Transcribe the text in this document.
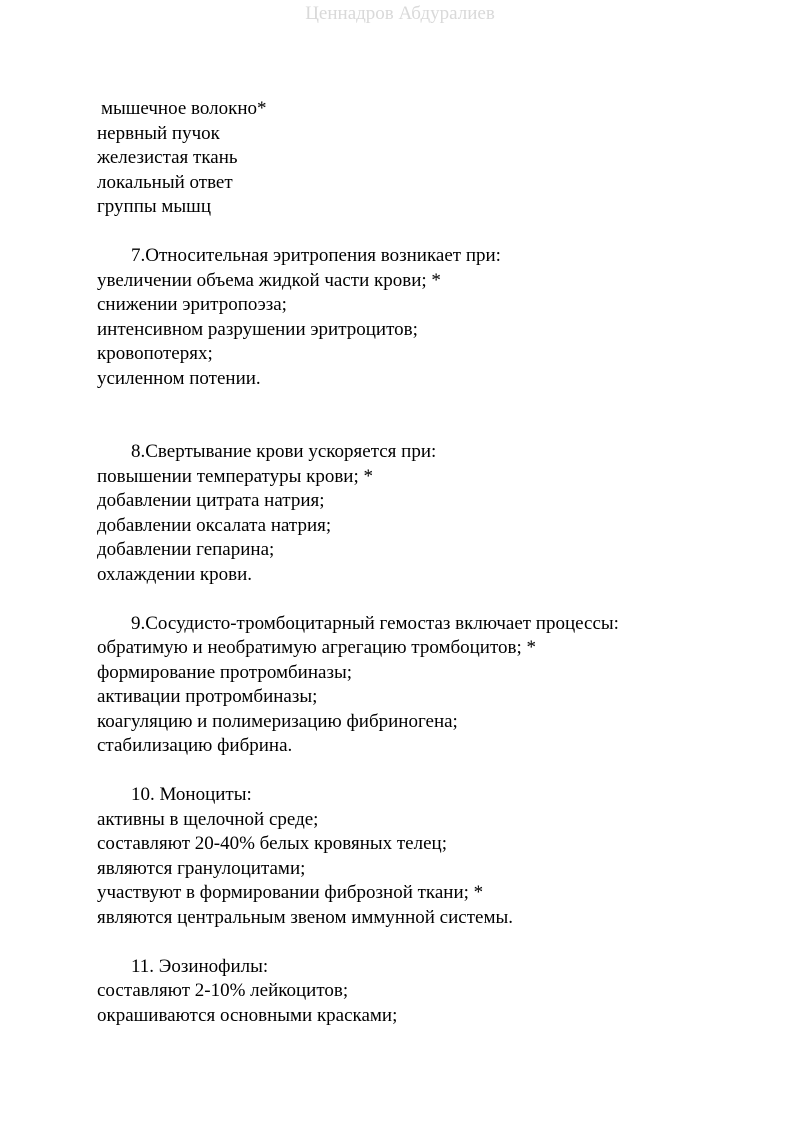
Ценнадров Абдуралиев
мышечное волокно*
нервный пучок
железистая ткань
локальный ответ
группы мышц
7.Относительная эритропения возникает при:
увеличении объема жидкой части крови; *
снижении эритропоэза;
интенсивном разрушении эритроцитов;
кровопотерях;
усиленном потении.
8.Свертывание крови ускоряется при:
повышении температуры крови; *
добавлении цитрата натрия;
добавлении оксалата натрия;
добавлении гепарина;
охлаждении крови.
9.Сосудисто-тромбоцитарный гемостаз включает процессы:
обратимую и необратимую агрегацию тромбоцитов; *
формирование протромбиназы;
активации протромбиназы;
коагуляцию и полимеризацию фибриногена;
стабилизацию фибрина.
10. Моноциты:
активны в щелочной среде;
составляют 20-40% белых кровяных телец;
являются гранулоцитами;
участвуют в формировании фиброзной ткани; *
являются центральным звеном иммунной системы.
11. Эозинофилы:
составляют 2-10% лейкоцитов;
окрашиваются основными красками;
